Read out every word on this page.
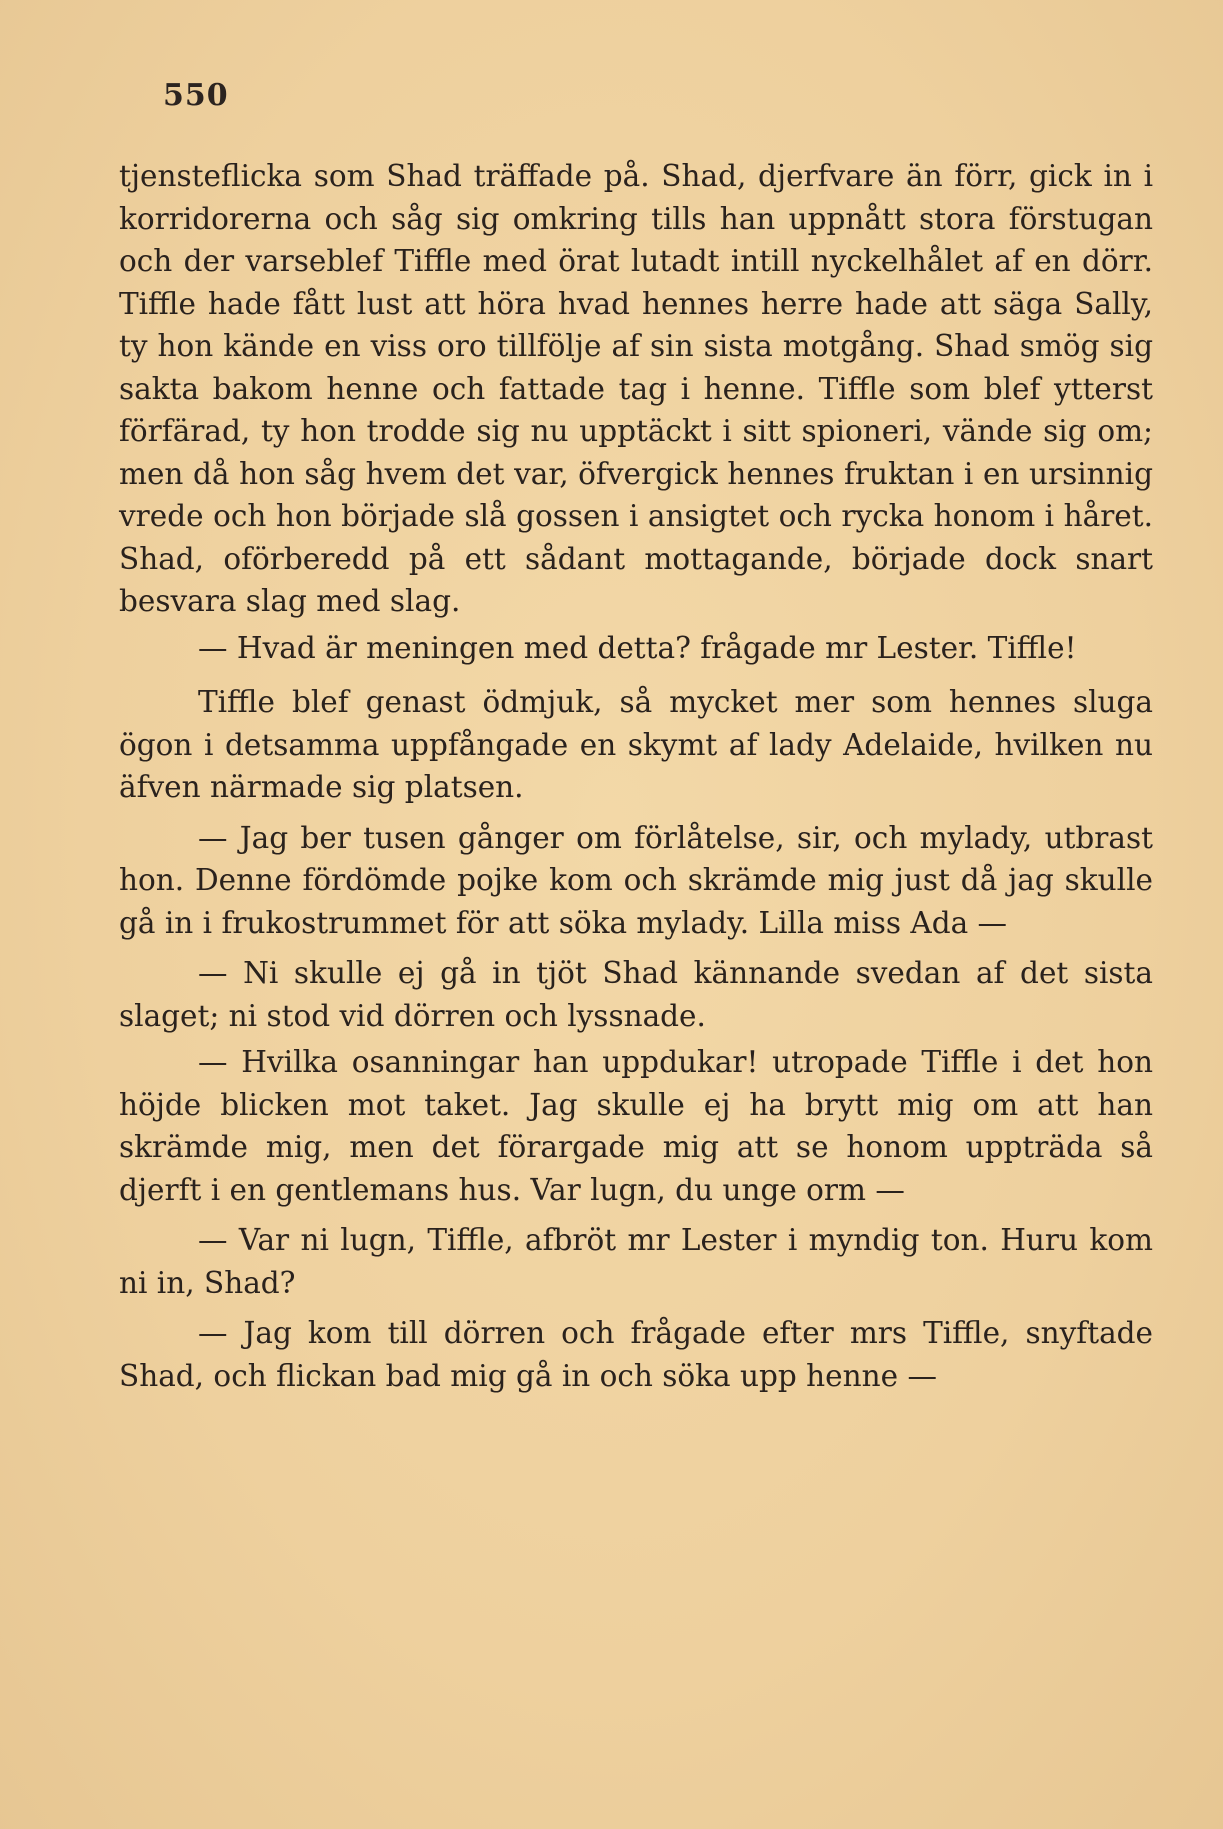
550

tjensteflicka som Shad träffade på. Shad, djerfvare än förr, gick in i korridorerna och såg sig omkring tills han uppnått stora förstugan och der varseblef Tiffle med örat lutadt intill nyckelhålet af en dörr. Tiffle hade fått lust att höra hvad hennes herre hade att säga Sally, ty hon kände en viss oro tillfölje af sin sista motgång. Shad smög sig sakta bakom henne och fattade tag i henne. Tiffle som blef ytterst förfärad, ty hon trodde sig nu upptäckt i sitt spioneri, vände sig om; men då hon såg hvem det var, öfvergick hennes fruktan i en ursinnig vrede och hon började slå gossen i ansigtet och rycka honom i håret. Shad, oförberedd på ett sådant mottagande, började dock snart besvara slag med slag.

— Hvad är meningen med detta? frågade mr Lester. Tiffle!

Tiffle blef genast ödmjuk, så mycket mer som hennes sluga ögon i detsamma uppfångade en skymt af lady Adelaide, hvilken nu äfven närmade sig platsen.

— Jag ber tusen gånger om förlåtelse, sir, och mylady, utbrast hon. Denne fördömde pojke kom och skrämde mig just då jag skulle gå in i frukostrummet för att söka mylady. Lilla miss Ada —

— Ni skulle ej gå in tjöt Shad kännande svedan af det sista slaget; ni stod vid dörren och lyssnade.

— Hvilka osanningar han uppdukar! utropade Tiffle i det hon höjde blicken mot taket. Jag skulle ej ha brytt mig om att han skrämde mig, men det förargade mig att se honom uppträda så djerft i en gentlemans hus. Var lugn, du unge orm —

— Var ni lugn, Tiffle, afbröt mr Lester i myndig ton. Huru kom ni in, Shad?

— Jag kom till dörren och frågade efter mrs Tiffle, snyftade Shad, och flickan bad mig gå in och söka upp henne —
